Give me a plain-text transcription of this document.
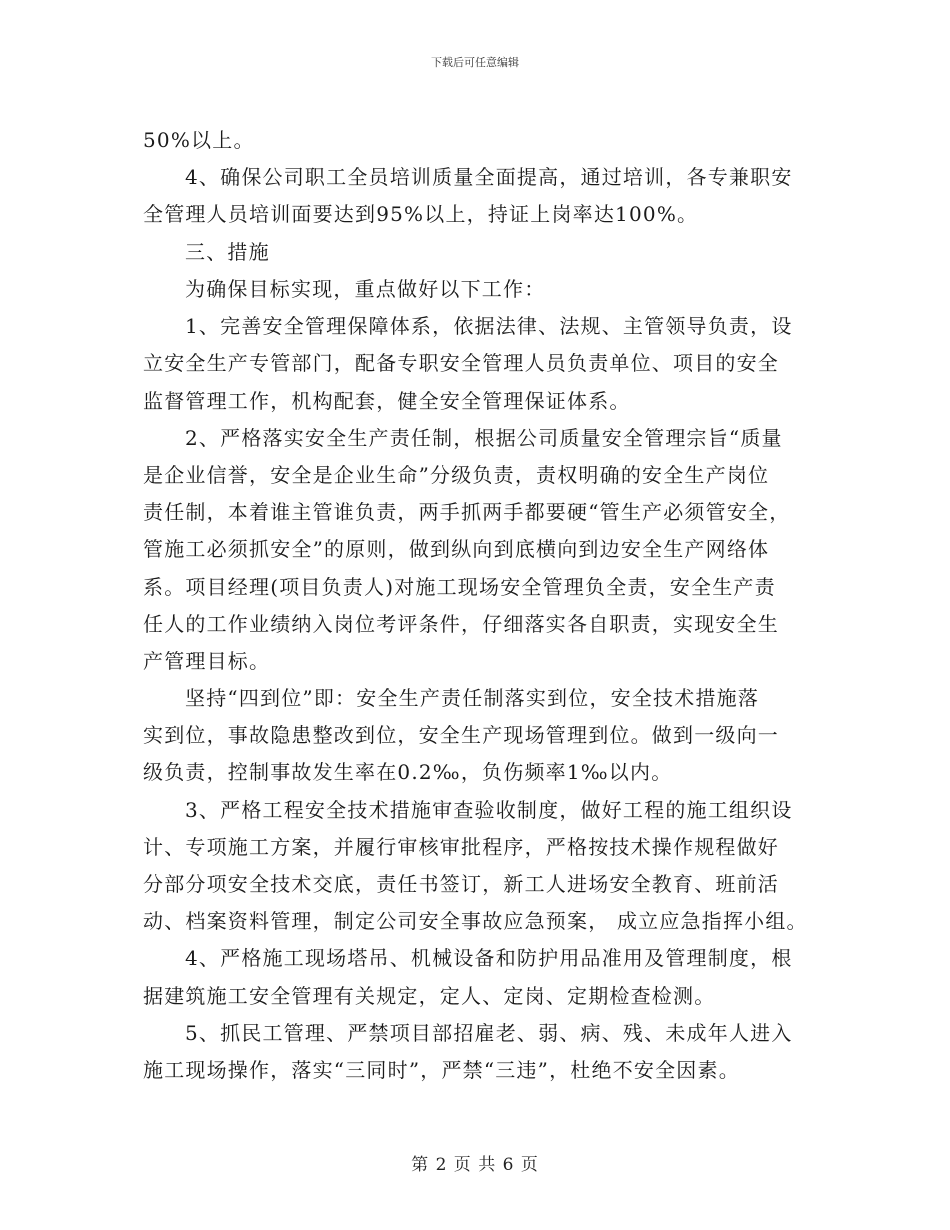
下载后可任意编辑
50%以上。
4、确保公司职工全员培训质量全面提高，通过培训，各专兼职安
全管理人员培训面要达到95%以上，持证上岗率达100%。
三、措施
为确保目标实现，重点做好以下工作：
1、完善安全管理保障体系，依据法律、法规、主管领导负责，设
立安全生产专管部门，配备专职安全管理人员负责单位、项目的安全
监督管理工作，机构配套，健全安全管理保证体系。
2、严格落实安全生产责任制，根据公司质量安全管理宗旨“质量
是企业信誉，安全是企业生命”分级负责，责权明确的安全生产岗位
责任制，本着谁主管谁负责，两手抓两手都要硬“管生产必须管安全，
管施工必须抓安全”的原则，做到纵向到底横向到边安全生产网络体
系。项目经理(项目负责人)对施工现场安全管理负全责，安全生产责
任人的工作业绩纳入岗位考评条件，仔细落实各自职责，实现安全生
产管理目标。
坚持“四到位”即：安全生产责任制落实到位，安全技术措施落
实到位，事故隐患整改到位，安全生产现场管理到位。做到一级向一
级负责，控制事故发生率在0.2‰，负伤频率1‰以内。
3、严格工程安全技术措施审查验收制度，做好工程的施工组织设
计、专项施工方案，并履行审核审批程序，严格按技术操作规程做好
分部分项安全技术交底，责任书签订，新工人进场安全教育、班前活
动、档案资料管理，制定公司安全事故应急预案， 成立应急指挥小组。
4、严格施工现场塔吊、机械设备和防护用品准用及管理制度，根
据建筑施工安全管理有关规定，定人、定岗、定期检查检测。
5、抓民工管理、严禁项目部招雇老、弱、病、残、未成年人进入
施工现场操作，落实“三同时”，严禁“三违”，杜绝不安全因素。
第 2 页 共 6 页
